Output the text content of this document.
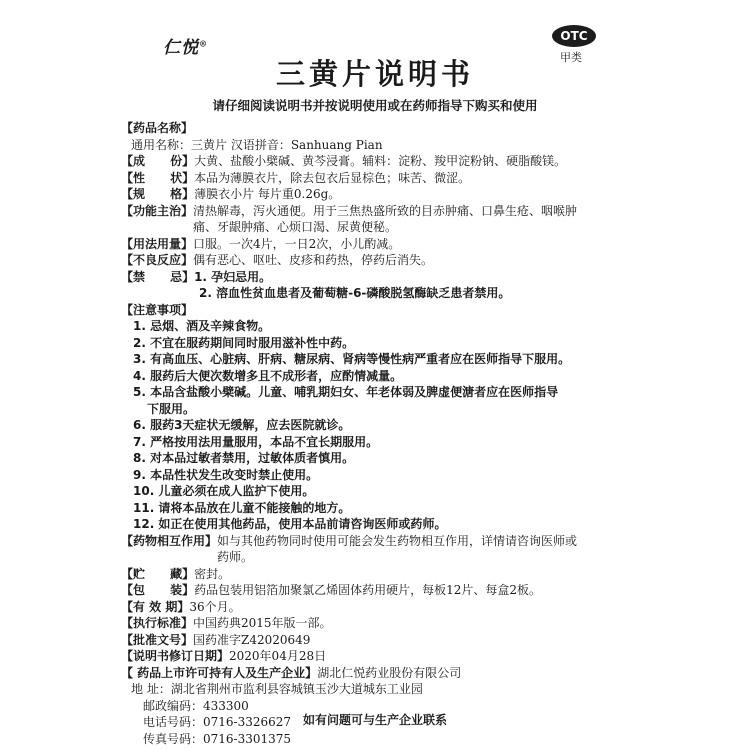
仁悦®
OTC
甲类
三黄片说明书
请仔细阅读说明书并按说明使用或在药师指导下购买和使用
【药品名称】
通用名称：三黄片 汉语拼音：Sanhuang Pian
【成      份】 大黄、盐酸小檗碱、黄芩浸膏。辅料：淀粉、羧甲淀粉钠、硬脂酸镁。
【性      状】 本品为薄膜衣片，除去包衣后显棕色；味苦、微涩。
【规      格】 薄膜衣小片 每片重0.26g。
【功能主治】 清热解毒，泻火通便。用于三焦热盛所致的目赤肿痛、口鼻生疮、咽喉肿
痛、牙龈肿痛、心烦口渴、尿黄便秘。
【用法用量】 口服。一次4片，一日2次，小儿酌减。
【不良反应】 偶有恶心、呕吐、皮疹和药热，停药后消失。
【禁      忌】 1. 孕妇忌用。
2. 溶血性贫血患者及葡萄糖-6-磷酸脱氢酶缺乏患者禁用。
【注意事项】
1. 忌烟、酒及辛辣食物。
2. 不宜在服药期间同时服用滋补性中药。
3. 有高血压、心脏病、肝病、糖尿病、肾病等慢性病严重者应在医师指导下服用。
4. 服药后大便次数增多且不成形者，应酌情减量。
5. 本品含盐酸小檗碱。儿童、哺乳期妇女、年老体弱及脾虚便溏者应在医师指导
下服用。
6. 服药3天症状无缓解，应去医院就诊。
7. 严格按用法用量服用，本品不宜长期服用。
8. 对本品过敏者禁用，过敏体质者慎用。
9. 本品性状发生改变时禁止使用。
10. 儿童必须在成人监护下使用。
11. 请将本品放在儿童不能接触的地方。
12. 如正在使用其他药品，使用本品前请咨询医师或药师。
【药物相互作用】 如与其他药物同时使用可能会发生药物相互作用，详情请咨询医师或
药师。
【贮      藏】 密封。
【包      装】 药品包装用铝箔加聚氯乙烯固体药用硬片，每板12片、每盒2板。
【有 效 期】 36个月。
【执行标准】 中国药典2015年版一部。
【批准文号】 国药准字Z42020649
【说明书修订日期】 2020年04月28日
【 药品上市许可持有人及生产企业】 湖北仁悦药业股份有限公司
地 址：湖北省荆州市监利县容城镇玉沙大道城东工业园
邮政编码：433300
电话号码：0716-3326627
传真号码：0716-3301375
如有问题可与生产企业联系
